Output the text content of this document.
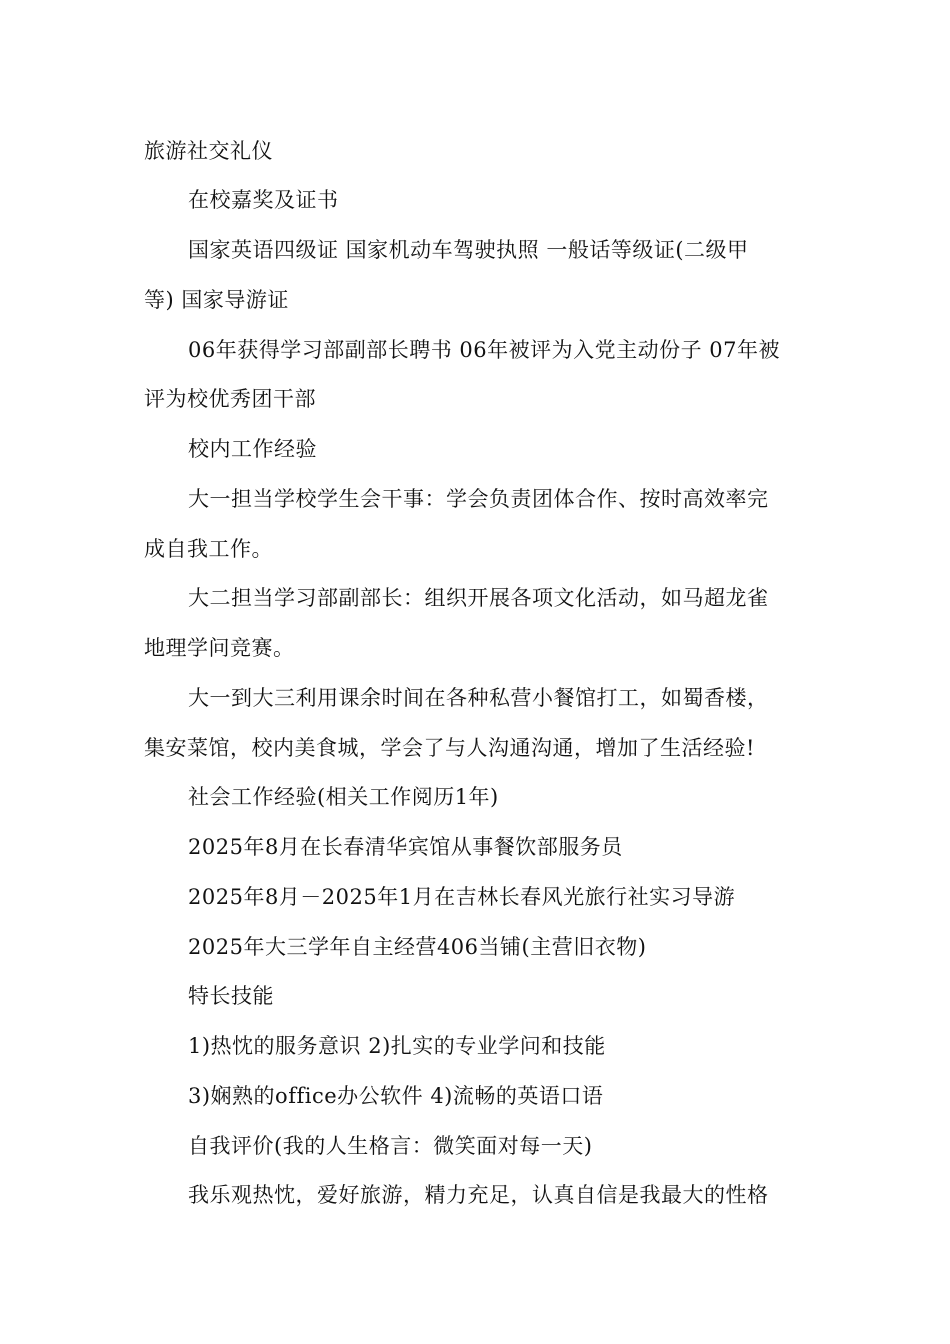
旅游社交礼仪
在校嘉奖及证书
国家英语四级证 国家机动车驾驶执照 一般话等级证(二级甲
等) 国家导游证
06年获得学习部副部长聘书 06年被评为入党主动份子 07年被
评为校优秀团干部
校内工作经验
大一担当学校学生会干事：学会负责团体合作、按时高效率完
成自我工作。
大二担当学习部副部长：组织开展各项文化活动，如马超龙雀
地理学问竞赛。
大一到大三利用课余时间在各种私营小餐馆打工，如蜀香楼，
集安菜馆，校内美食城，学会了与人沟通沟通，增加了生活经验!
社会工作经验(相关工作阅历1年)
2025年8月在长春清华宾馆从事餐饮部服务员
2025年8月－2025年1月在吉林长春风光旅行社实习导游
2025年大三学年自主经营406当铺(主营旧衣物)
特长技能
1)热忱的服务意识 2)扎实的专业学问和技能
3)娴熟的office办公软件 4)流畅的英语口语
自我评价(我的人生格言：微笑面对每一天)
我乐观热忱，爱好旅游，精力充足，认真自信是我最大的性格
